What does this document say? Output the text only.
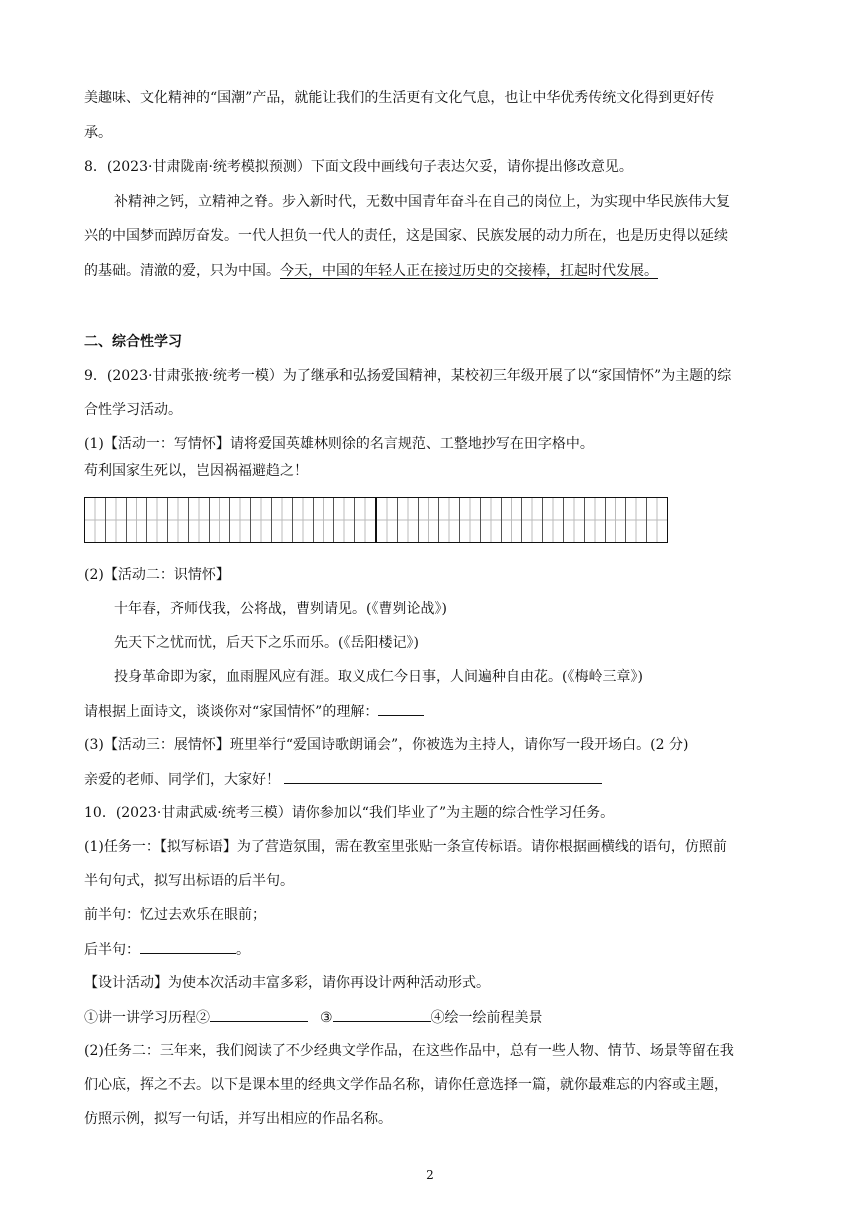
美趣味、文化精神的“国潮”产品，就能让我们的生活更有文化气息，也让中华优秀传统文化得到更好传
承。
8．(2023·甘肃陇南·统考模拟预测）下面文段中画线句子表达欠妥，请你提出修改意见。
补精神之钙，立精神之脊。步入新时代，无数中国青年奋斗在自己的岗位上，为实现中华民族伟大复
兴的中国梦而踔厉奋发。一代人担负一代人的责任，这是国家、民族发展的动力所在，也是历史得以延续
的基础。清澈的爱，只为中国。今天，中国的年轻人正在接过历史的交接棒，扛起时代发展。
二、综合性学习
9．(2023·甘肃张掖·统考一模）为了继承和弘扬爱国精神，某校初三年级开展了以“家国情怀”为主题的综
合性学习活动。
(1)【活动一：写情怀】请将爱国英雄林则徐的名言规范、工整地抄写在田字格中。
苟利国家生死以，岂因祸福避趋之！
(2)【活动二：识情怀】
十年春，齐师伐我，公将战，曹刿请见。(《曹刿论战》)
先天下之忧而忧，后天下之乐而乐。(《岳阳楼记》)
投身革命即为家，血雨腥风应有涯。取义成仁今日事，人间遍种自由花。(《梅岭三章》)
请根据上面诗文，谈谈你对“家国情怀”的理解：
(3)【活动三：展情怀】班里举行“爱国诗歌朗诵会”，你被选为主持人，请你写一段开场白。(2 分)
亲爱的老师、同学们，大家好！
10．(2023·甘肃武威·统考三模）请你参加以“我们毕业了”为主题的综合性学习任务。
(1)任务一：【拟写标语】为了营造氛围，需在教室里张贴一条宣传标语。请你根据画横线的语句，仿照前
半句句式，拟写出标语的后半句。
前半句：忆过去欢乐在眼前；
后半句：	。
【设计活动】为使本次活动丰富多彩，请你再设计两种活动形式。
①讲一讲学习历程②	③	④绘一绘前程美景
(2)任务二：三年来，我们阅读了不少经典文学作品，在这些作品中，总有一些人物、情节、场景等留在我
们心底，挥之不去。以下是课本里的经典文学作品名称，请你任意选择一篇，就你最难忘的内容或主题，
仿照示例，拟写一句话，并写出相应的作品名称。
2
